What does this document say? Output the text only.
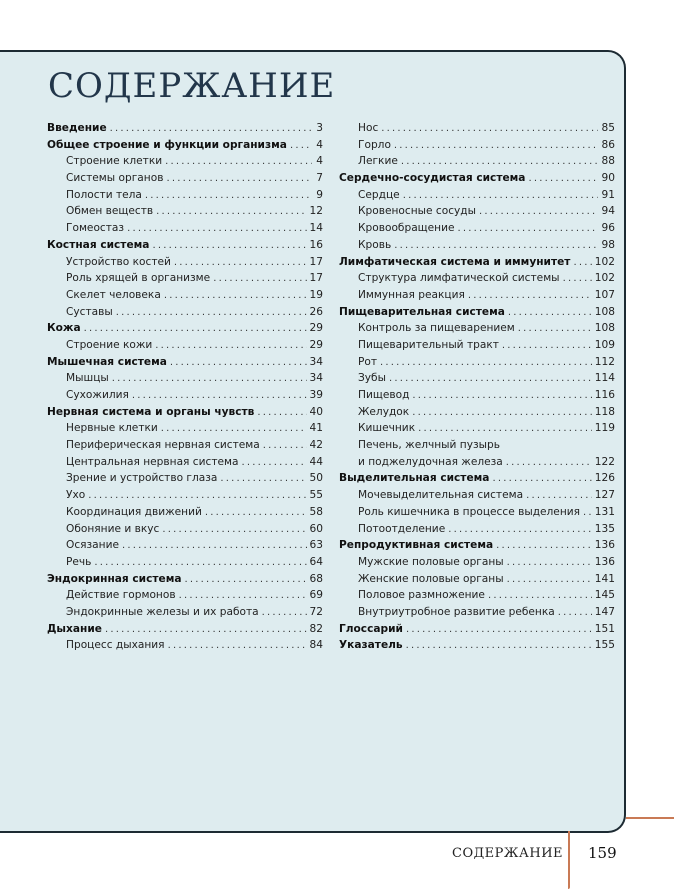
СОДЕРЖАНИЕ
Введение .....	3
Общее строение и функции организма .....	4
Строение клетки .....	4
Системы органов .....	7
Полости тела .....	9
Обмен веществ .....	12
Гомеостаз .....	14
Костная система .....	16
Устройство костей .....	17
Роль хрящей в организме .....	17
Скелет человека .....	19
Суставы .....	26
Кожа .....	29
Строение кожи .....	29
Мышечная система .....	34
Мышцы .....	34
Сухожилия .....	39
Нервная система и органы чувств .....	40
Нервные клетки .....	41
Периферическая нервная система .....	42
Центральная нервная система .....	44
Зрение и устройство глаза .....	50
Ухо .....	55
Координация движений .....	58
Обоняние и вкус .....	60
Осязание .....	63
Речь .....	64
Эндокринная система .....	68
Действие гормонов .....	69
Эндокринные железы и их работа .....	72
Дыхание .....	82
Процесс дыхания .....	84
Нос .....	85
Горло .....	86
Легкие .....	88
Сердечно-сосудистая система .....	90
Сердце .....	91
Кровеносные сосуды .....	94
Кровообращение .....	96
Кровь .....	98
Лимфатическая система и иммунитет ..... 102
Структура лимфатической системы .....	102
Иммунная реакция .....	107
Пищеварительная система .....	108
Контроль за пищеварением .....	108
Пищеварительный тракт .....	109
Рот .....	112
Зубы .....	114
Пищевод .....	116
Желудок .....	118
Кишечник .....	119
Печень, желчный пузырь
и поджелудочная железа .....	122
Выделительная система .....	126
Мочевыделительная система .....	127
Роль кишечника в процессе выделения ..... 131
Потоотделение .....	135
Репродуктивная система .....	136
Мужские половые органы .....	136
Женские половые органы .....	141
Половое размножение .....	145
Внутриутробное развитие ребенка .....	147
Глоссарий .....	151
Указатель .....	155
СОДЕРЖАНИЕ 159
